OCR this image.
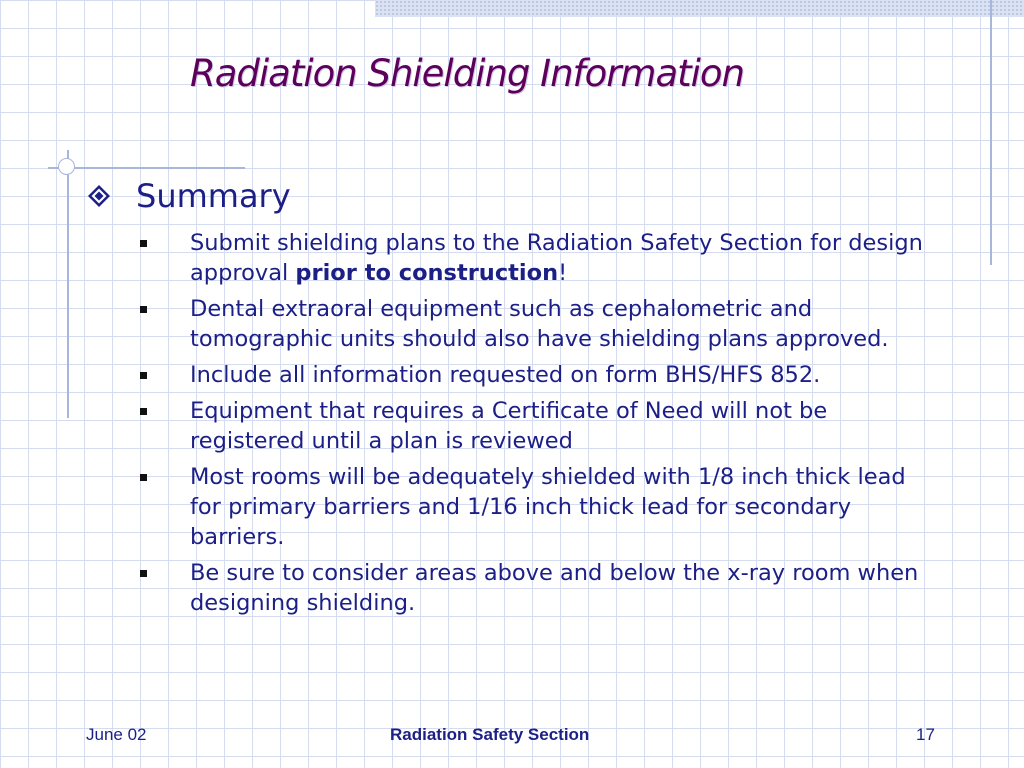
Radiation Shielding Information
Summary
Submit shielding plans to the Radiation Safety Section for design approval prior to construction!
Dental extraoral equipment such as cephalometric and tomographic units should also have shielding plans approved.
Include all information requested on form BHS/HFS 852.
Equipment that requires a Certificate of Need will not be registered until a plan is reviewed
Most rooms will be adequately shielded with 1/8 inch thick lead for primary barriers and 1/16 inch thick lead for secondary barriers.
Be sure to consider areas above and below the x-ray room when designing shielding.
June 02	Radiation Safety Section	17
